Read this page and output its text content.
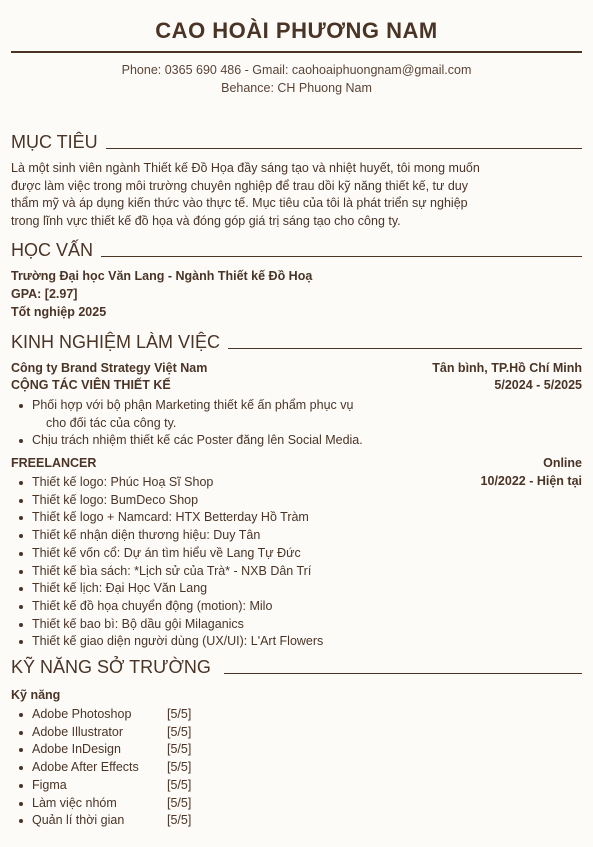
CAO HOÀI PHƯƠNG NAM
Phone: 0365 690 486 - Gmail: caohoaiphuongnam@gmail.com
Behance: CH Phuong Nam
MỤC TIÊU
Là một sinh viên ngành Thiết kế Đồ Họa đầy sáng tạo và nhiệt huyết, tôi mong muốn
được làm việc trong môi trường chuyên nghiệp để trau dồi kỹ năng thiết kế, tư duy
thẩm mỹ và áp dụng kiến thức vào thực tế. Mục tiêu của tôi là phát triển sự nghiệp
trong lĩnh vực thiết kế đồ họa và đóng góp giá trị sáng tạo cho công ty.
HỌC VẤN
Trường Đại học Văn Lang - Ngành Thiết kế Đồ Hoạ
GPA: [2.97]
Tốt nghiệp 2025
KINH NGHIỆM LÀM VIỆC
Công ty Brand Strategy Việt Nam	Tân bình, TP.Hồ Chí Minh
CỘNG TÁC VIÊN THIẾT KẾ	5/2024 - 5/2025
Phối hợp với bộ phận Marketing thiết kế ấn phẩm phục vụ
cho đối tác của công ty.
Chịu trách nhiệm thiết kế các Poster đăng lên Social Media.
FREELANCER	Online
10/2022 - Hiện tại
Thiết kế logo: Phúc Hoạ Sĩ Shop
Thiết kế logo: BumDeco Shop
Thiết kế logo + Namcard: HTX Betterday Hồ Tràm
Thiết kế nhận diện thương hiệu: Duy Tân
Thiết kế vốn cổ: Dự án tìm hiểu về Lang Tự Đức
Thiết kế bìa sách: *Lịch sử của Trà* - NXB Dân Trí
Thiết kế lịch: Đại Học Văn Lang
Thiết kế đồ họa chuyển động (motion): Milo
Thiết kế bao bì: Bộ dầu gội Milaganics
Thiết kế giao diện người dùng (UX/UI): L'Art Flowers
KỸ NĂNG SỞ TRƯỜNG
Kỹ năng
Adobe Photoshop	[5/5]
Adobe Illustrator	[5/5]
Adobe InDesign	[5/5]
Adobe After Effects [5/5]
Figma	[5/5]
Làm việc nhóm	[5/5]
Quản lí thời gian	[5/5]
